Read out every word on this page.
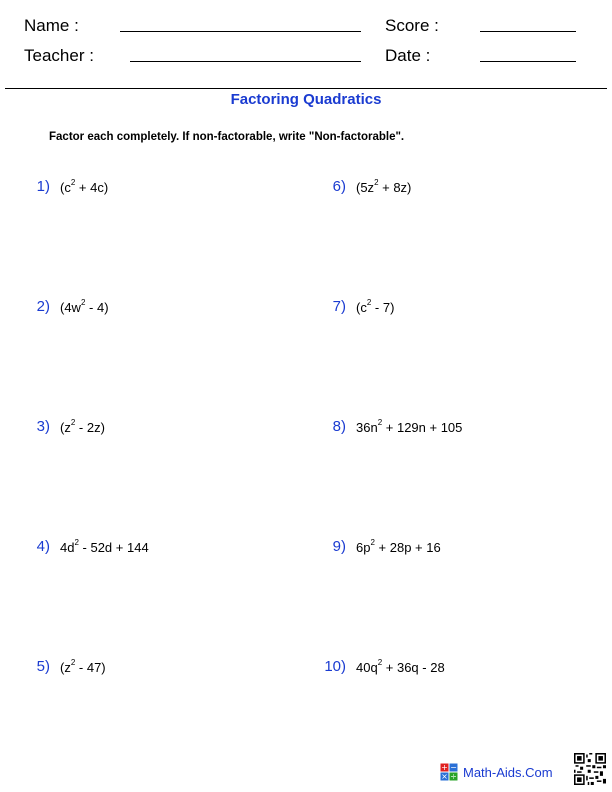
Name :
Teacher :
Score :
Date :
Factoring Quadratics
Factor each completely. If non-factorable, write "Non-factorable".
1) $(c^2 + 4c)$
2) $(4w^2 - 4)$
3) $(z^2 - 2z)$
4) $4d^2 - 52d + 144$
5) $(z^2 - 47)$
6) $(5z^2 + 8z)$
7) $(c^2 - 7)$
8) $36n^2 + 129n + 105$
9) $6p^2 + 28p + 16$
10) $40q^2 + 36q - 28$
+ −
× ÷ Math-Aids.Com
